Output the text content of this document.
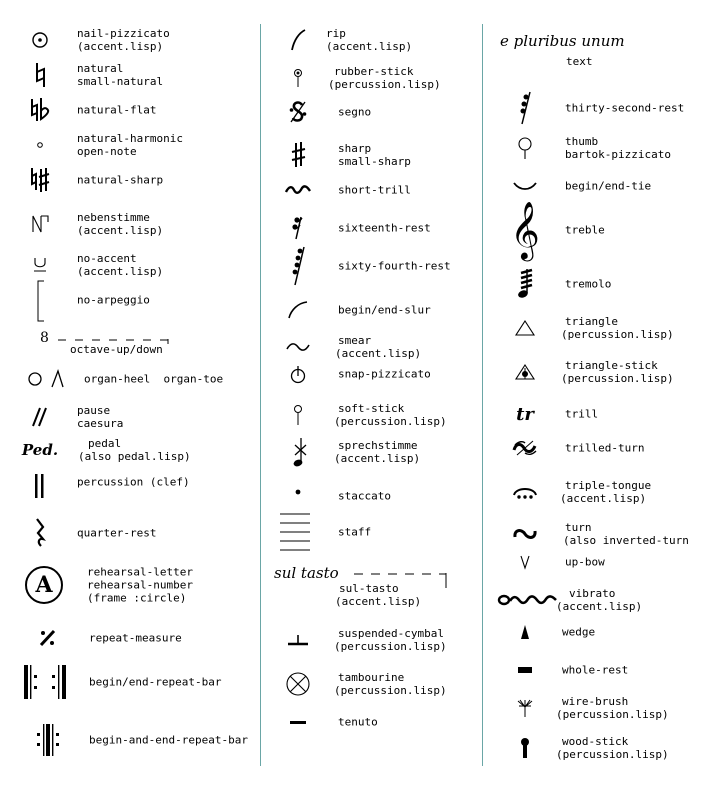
nail-pizzicato
(accent.lisp)
natural
small-natural
natural-flat
natural-harmonic
open-note
natural-sharp
nebenstimme
(accent.lisp)
no-accent
(accent.lisp)
no-arpeggio
8
octave-up/down
organ-heel organ-toe
pause
caesura
Ped.	pedal
(also pedal.lisp)
percussion (clef)
quarter-rest
A	rehearsal-letter
rehearsal-number
(frame :circle)
repeat-measure
begin/end-repeat-bar
begin-and-end-repeat-bar
rip
(accent.lisp)
rubber-stick
(percussion.lisp)
segno
sharp
small-sharp
short-trill
sixteenth-rest
sixty-fourth-rest
begin/end-slur
smear
(accent.lisp)
snap-pizzicato
soft-stick
(percussion.lisp)
sprechstimme
(accent.lisp)
staccato
staff
sul tasto
sul-tasto
(accent.lisp)
suspended-cymbal
(percussion.lisp)
tambourine
(percussion.lisp)
tenuto
e pluribus unum
text
thirty-second-rest
thumb
bartok-pizzicato
begin/end-tie
𝄞 treble
tremolo
triangle
(percussion.lisp)
triangle-stick
(percussion.lisp)
tr	trill
trilled-turn
triple-tongue
(accent.lisp)
turn
(also inverted-turn
up-bow
vibrato
(accent.lisp)
wedge
whole-rest
wire-brush
(percussion.lisp)
wood-stick
(percussion.lisp)
